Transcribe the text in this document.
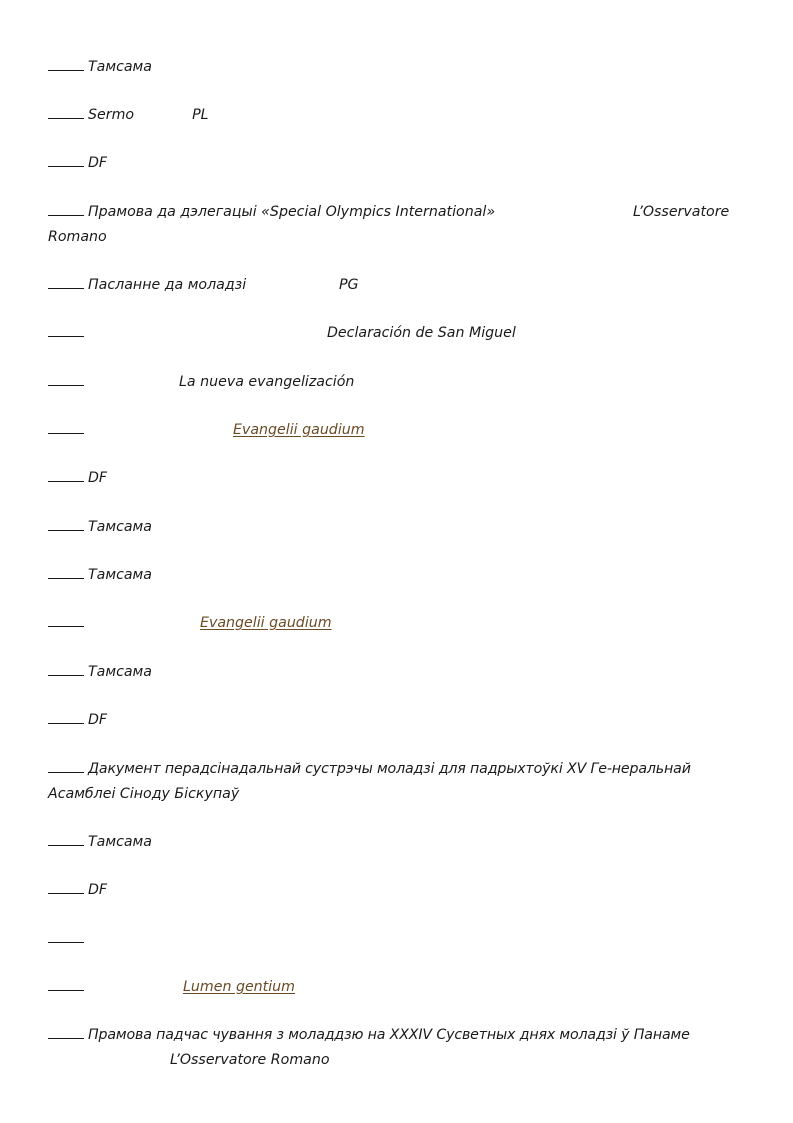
Тамсама
Sermo	PL
DF
Прамова да дэлегацыі «Special Olympics International»	L’Osservatore

Romano
Пасланне да моладзі	PG
Declaración de San Miguel
La nueva evangelización
Evangelii gaudium
DF
Тамсама
Тамсама
Evangelii gaudium
Тамсама
DF
Дакумент перадсінадальнай сустрэчы моладзі для падрыхтоўкі XV Ге-неральнай
Асамблеі Сіноду Біскупаў
Тамсама
DF
Lumen gentium
Прамова падчас чування з моладдзю на XXXIV Сусветных днях моладзі ў Панаме
L’Osservatore Romano
